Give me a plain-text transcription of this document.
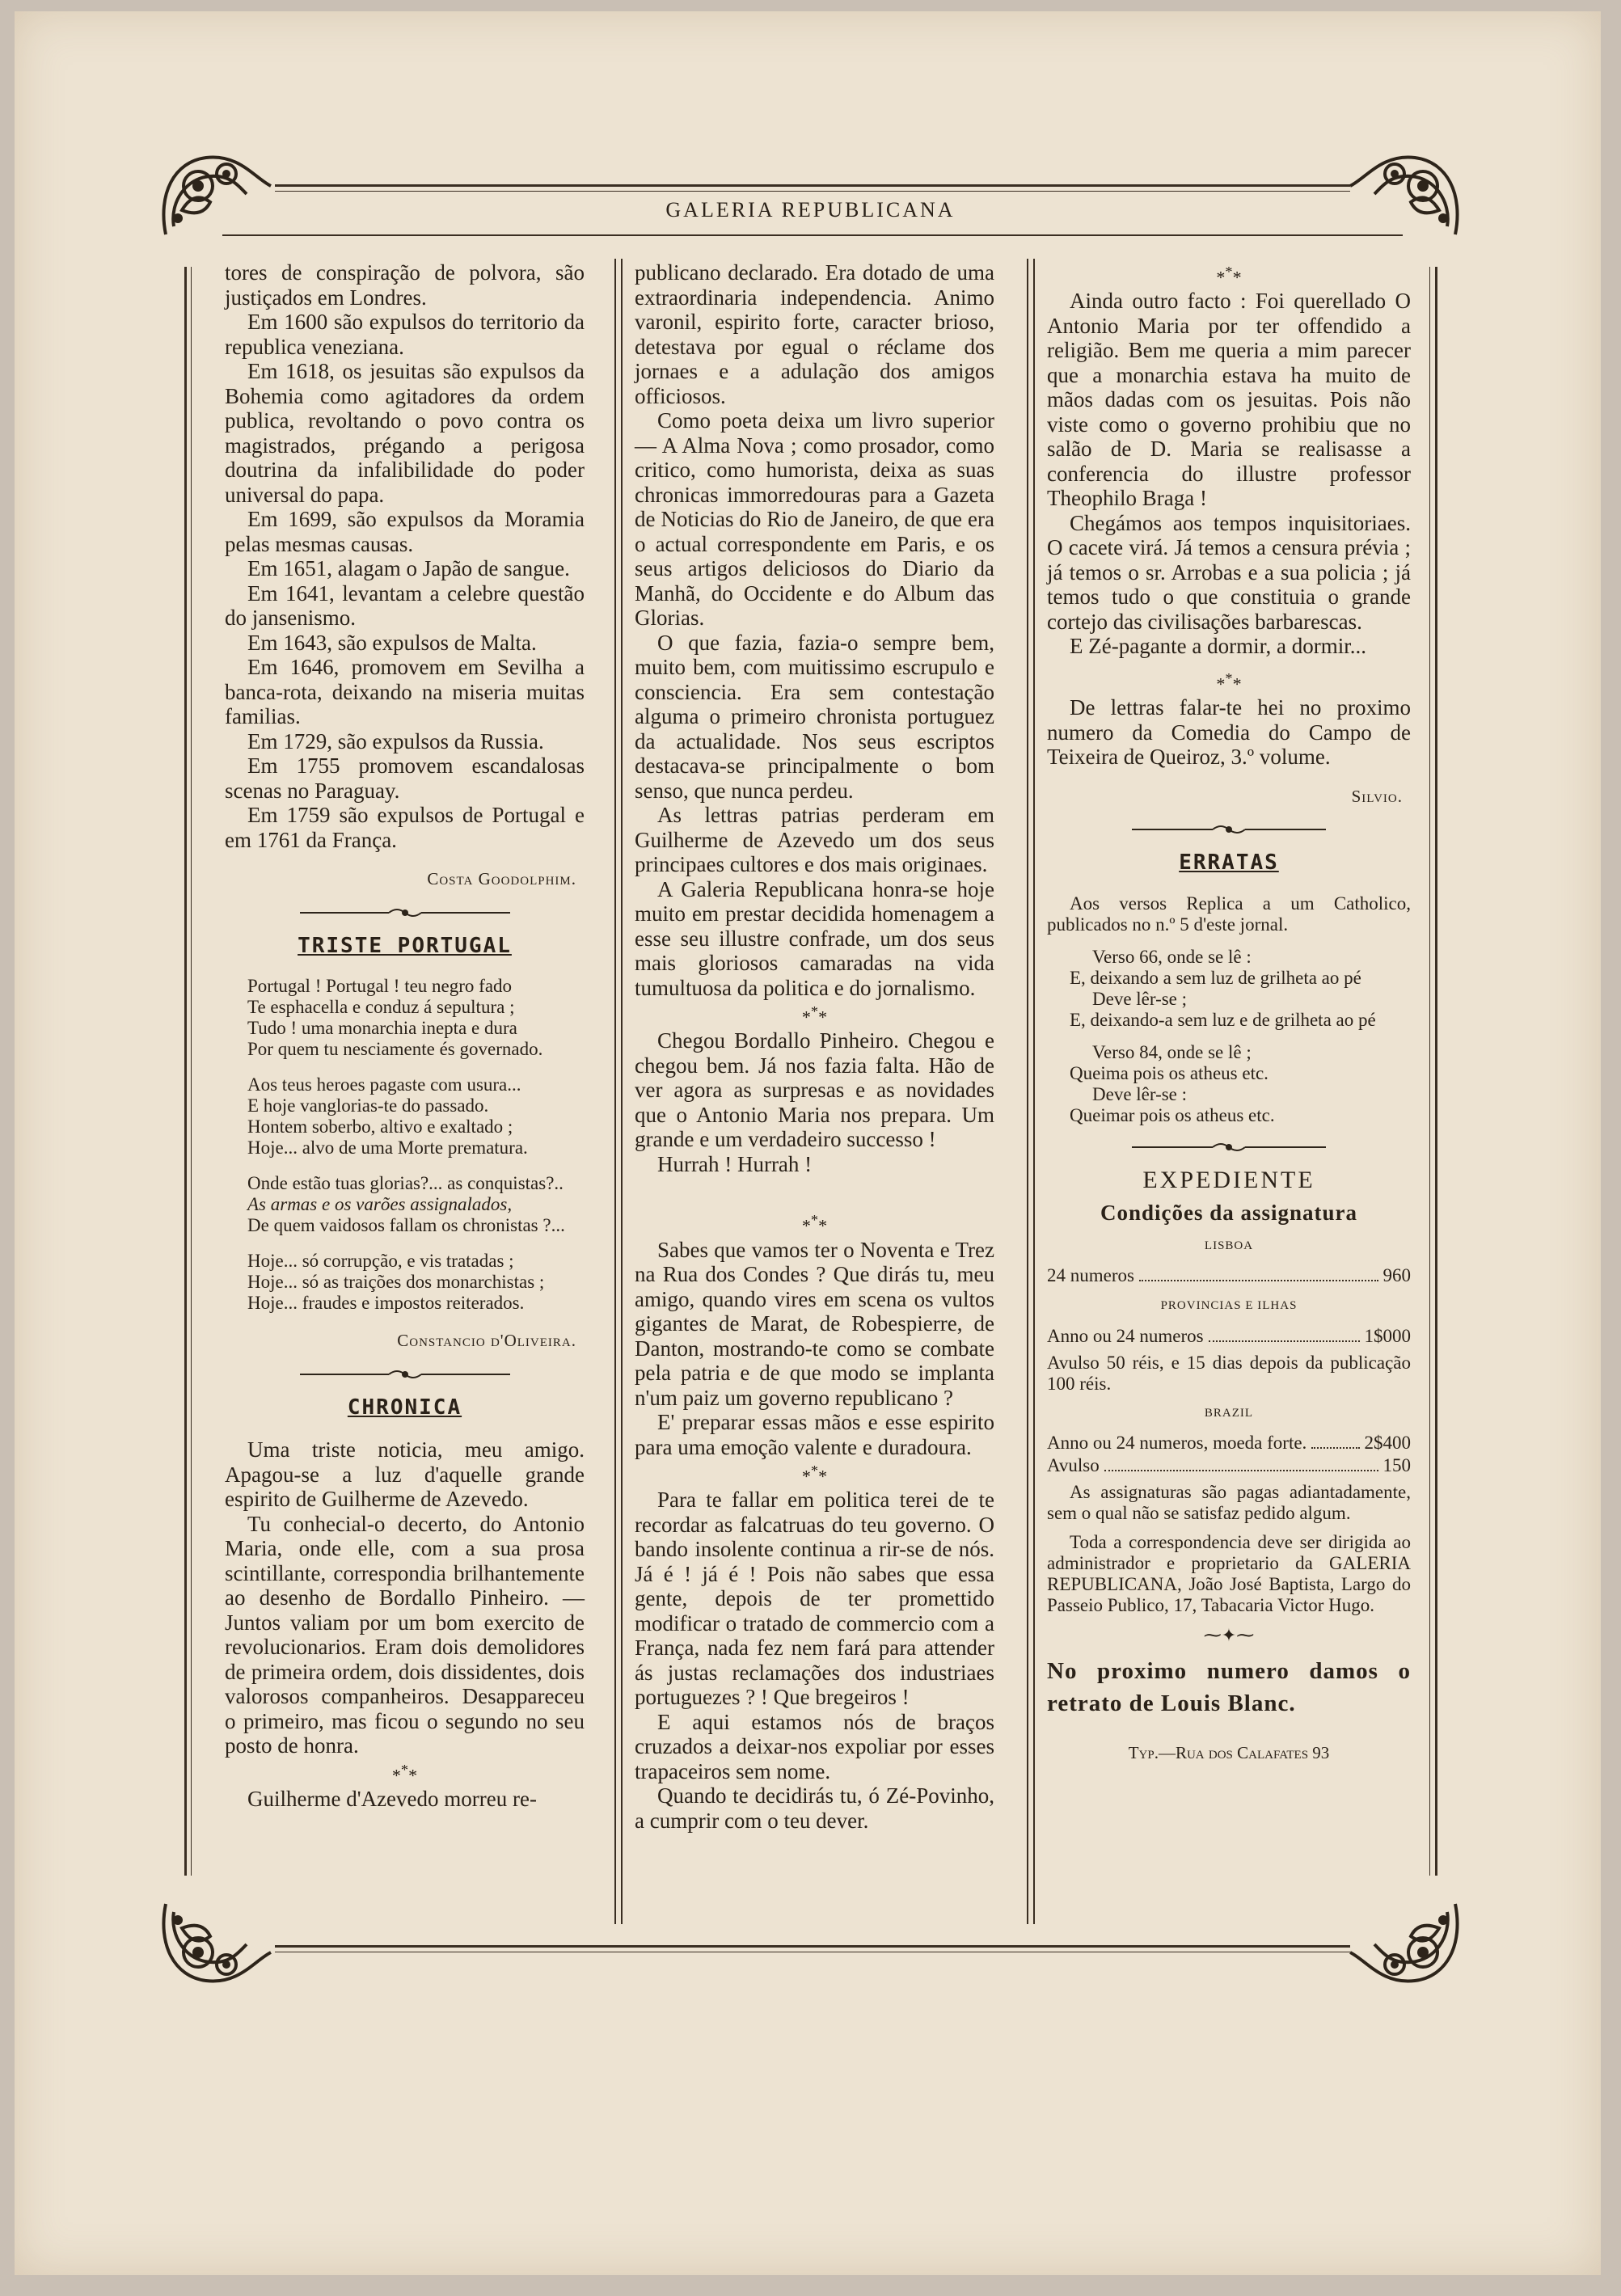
GALERIA REPUBLICANA

tores de conspiração de polvora, são justiçados em Londres.

Em 1600 são expulsos do territorio da republica veneziana.

Em 1618, os jesuitas são expulsos da Bohemia como agitadores da ordem publica, revoltando o povo contra os magistrados, prégando a perigosa doutrina da infalibilidade do poder universal do papa.

Em 1699, são expulsos da Moramia pelas mesmas causas.

Em 1651, alagam o Japão de sangue.

Em 1641, levantam a celebre questão do jansenismo.

Em 1643, são expulsos de Malta.

Em 1646, promovem em Sevilha a banca-rota, deixando na miseria muitas familias.

Em 1729, são expulsos da Russia.

Em 1755 promovem escandalosas scenas no Paraguay.

Em 1759 são expulsos de Portugal e em 1761 da França.

Costa Goodolphim.
TRISTE PORTUGAL

Portugal ! Portugal ! teu negro fado

Te esphacella e conduz á sepultura ;

Tudo ! uma monarchia inepta e dura

Por quem tu nesciamente és governado.

Aos teus heroes pagaste com usura...

E hoje vanglorias-te do passado.

Hontem soberbo, altivo e exaltado ;

Hoje... alvo de uma Morte prematura.

Onde estão tuas glorias?... as conquistas?..

As armas e os varões assignalados,

De quem vaidosos fallam os chronistas ?...

Hoje... só corrupção, e vis tratadas ;

Hoje... só as traições dos monarchistas ;

Hoje... fraudes e impostos reiterados.

Constancio d'Oliveira.
CHRONICA

Uma triste noticia, meu amigo. Apagou-se a luz d'aquelle grande espirito de Guilherme de Azevedo.

Tu conhecial-o decerto, do Antonio Maria, onde elle, com a sua prosa scintillante, correspondia brilhantemente ao desenho de Bordallo Pinheiro. — Juntos valiam por um bom exercito de revolucionarios. Eram dois demolidores de primeira ordem, dois dissidentes, dois valorosos companheiros. Desappareceu o primeiro, mas ficou o segundo no seu posto de honra.

***

Guilherme d'Azevedo morreu re-

publicano declarado. Era dotado de uma extraordinaria independencia. Animo varonil, espirito forte, caracter brioso, detestava por egual o réclame dos jornaes e a adulação dos amigos officiosos.

Como poeta deixa um livro superior — A Alma Nova ; como prosador, como critico, como humorista, deixa as suas chronicas immorredouras para a Gazeta de Noticias do Rio de Janeiro, de que era o actual correspondente em Paris, e os seus artigos deliciosos do Diario da Manhã, do Occidente e do Album das Glorias.

O que fazia, fazia-o sempre bem, muito bem, com muitissimo escrupulo e consciencia. Era sem contestação alguma o primeiro chronista portuguez da actualidade. Nos seus escriptos destacava-se principalmente o bom senso, que nunca perdeu.

As lettras patrias perderam em Guilherme de Azevedo um dos seus principaes cultores e dos mais originaes.

A Galeria Republicana honra-se hoje muito em prestar decidida homenagem a esse seu illustre confrade, um dos seus mais gloriosos camaradas na vida tumultuosa da politica e do jornalismo.

***

Chegou Bordallo Pinheiro. Chegou e chegou bem. Já nos fazia falta. Hão de ver agora as surpresas e as novidades que o Antonio Maria nos prepara. Um grande e um verdadeiro successo !

Hurrah ! Hurrah !

***

Sabes que vamos ter o Noventa e Trez na Rua dos Condes ? Que dirás tu, meu amigo, quando vires em scena os vultos gigantes de Marat, de Robespierre, de Danton, mostrando-te como se combate pela patria e de que modo se implanta n'um paiz um governo republicano ?

E' preparar essas mãos e esse espirito para uma emoção valente e duradoura.

***

Para te fallar em politica terei de te recordar as falcatruas do teu governo. O bando insolente continua a rir-se de nós. Já é ! já é ! Pois não sabes que essa gente, depois de ter promettido modificar o tratado de commercio com a França, nada fez nem fará para attender ás justas reclamações dos industriaes portuguezes ? ! Que bregeiros !

E aqui estamos nós de braços cruzados a deixar-nos expoliar por esses trapaceiros sem nome.

Quando te decidirás tu, ó Zé-Povinho, a cumprir com o teu dever.

***

Ainda outro facto : Foi querellado O Antonio Maria por ter offendido a religião. Bem me queria a mim parecer que a monarchia estava ha muito de mãos dadas com os jesuitas. Pois não viste como o governo prohibiu que no salão de D. Maria se realisasse a conferencia do illustre professor Theophilo Braga !

Chegámos aos tempos inquisitoriaes. O cacete virá. Já temos a censura prévia ; já temos o sr. Arrobas e a sua policia ; já temos tudo o que constituia o grande cortejo das civilisações barbarescas.

E Zé-pagante a dormir, a dormir...

***

De lettras falar-te hei no proximo numero da Comedia do Campo de Teixeira de Queiroz, 3.º volume.

Silvio.
ERRATAS

Aos versos Replica a um Catholico, publicados no n.º 5 d'este jornal.

Verso 66, onde se lê :

E, deixando a sem luz de grilheta ao pé

Deve lêr-se ;

E, deixando-a sem luz e de grilheta ao pé

Verso 84, onde se lê ;

Queima pois os atheus etc.

Deve lêr-se :

Queimar pois os atheus etc.

EXPEDIENTE
Condições da assignatura
LISBOA
24 numeros	960
PROVINCIAS E ILHAS
Anno ou 24 numeros	1$000

Avulso 50 réis, e 15 dias depois da publicação 100 réis.

BRAZIL
Anno ou 24 numeros, moeda forte.	2$400
Avulso	150

As assignaturas são pagas adiantadamente, sem o qual não se satisfaz pedido algum.

Toda a correspondencia deve ser dirigida ao administrador e proprietario da GALERIA REPUBLICANA, João José Baptista, Largo do Passeio Publico, 17, Tabacaria Victor Hugo.

⁓✦⁓
No proximo numero damos o retrato de Louis Blanc.
Typ.—Rua dos Calafates 93
